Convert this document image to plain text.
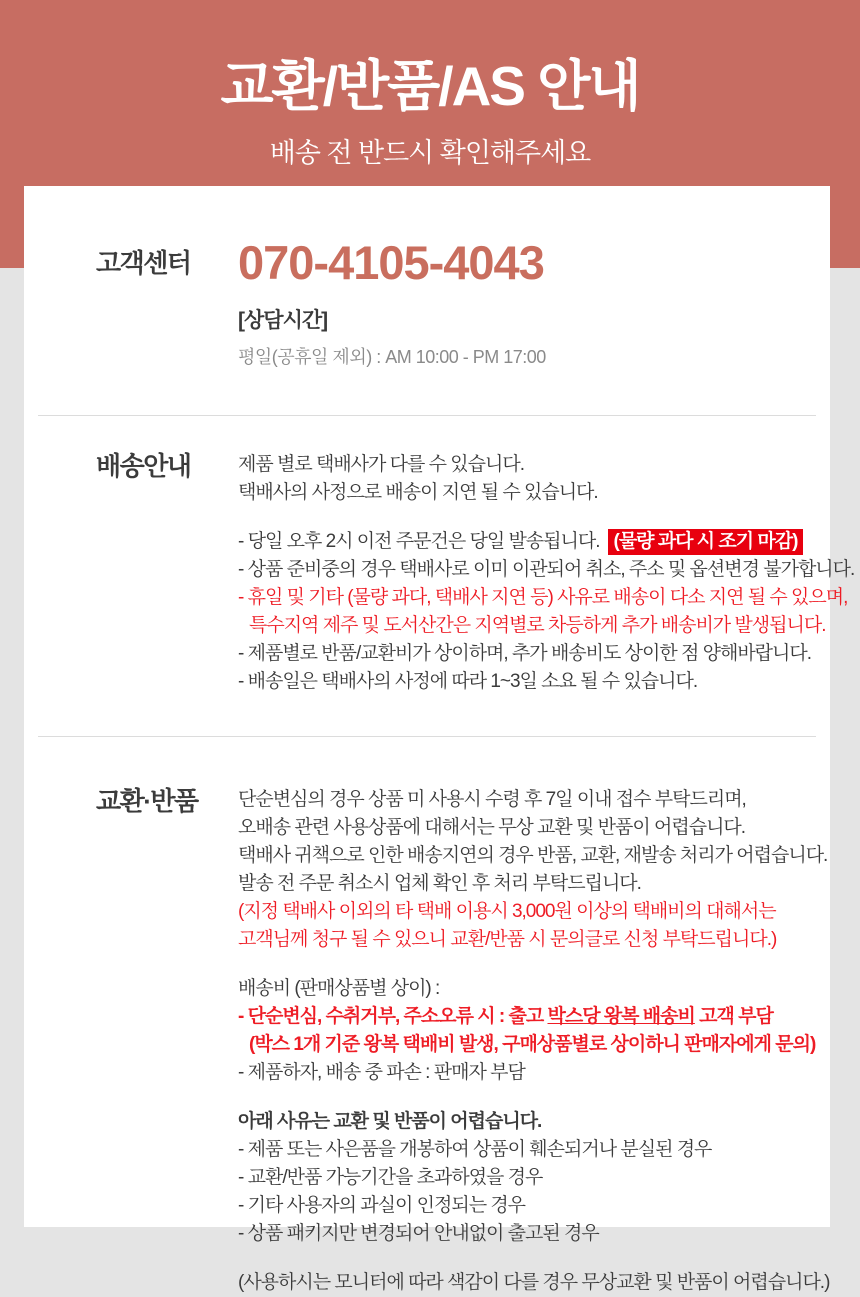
교환/반품/AS 안내
배송 전 반드시 확인해주세요
고객센터	070-4105-4043
[상담시간]
평일(공휴일 제외) : AM 10:00 - PM 17:00
배송안내	제품 별로 택배사가 다를 수 있습니다.
택배사의 사정으로 배송이 지연 될 수 있습니다.
- 당일 오후 2시 이전 주문건은 당일 발송됩니다. (물량 과다 시 조기 마감)
- 상품 준비중의 경우 택배사로 이미 이관되어 취소, 주소 및 옵션변경 불가합니다.
- 휴일 및 기타 (물량 과다, 택배사 지연 등) 사유로 배송이 다소 지연 될 수 있으며,
특수지역 제주 및 도서산간은 지역별로 차등하게 추가 배송비가 발생됩니다.
- 제품별로 반품/교환비가 상이하며, 추가 배송비도 상이한 점 양해바랍니다.
- 배송일은 택배사의 사정에 따라 1~3일 소요 될 수 있습니다.
교환·반품	단순변심의 경우 상품 미 사용시 수령 후 7일 이내 접수 부탁드리며,
오배송 관련 사용상품에 대해서는 무상 교환 및 반품이 어렵습니다.
택배사 귀책으로 인한 배송지연의 경우 반품, 교환, 재발송 처리가 어렵습니다.
발송 전 주문 취소시 업체 확인 후 처리 부탁드립니다.
(지정 택배사 이외의 타 택배 이용시 3,000원 이상의 택배비의 대해서는
고객님께 청구 될 수 있으니 교환/반품 시 문의글로 신청 부탁드립니다.)
배송비 (판매상품별 상이) :
- 단순변심, 수취거부, 주소오류 시 : 출고 박스당 왕복 배송비 고객 부담
(박스 1개 기준 왕복 택배비 발생, 구매상품별로 상이하니 판매자에게 문의)
- 제품하자, 배송 중 파손 : 판매자 부담
아래 사유는 교환 및 반품이 어렵습니다.
- 제품 또는 사은품을 개봉하여 상품이 훼손되거나 분실된 경우
- 교환/반품 가능기간을 초과하였을 경우
- 기타 사용자의 과실이 인정되는 경우
- 상품 패키지만 변경되어 안내없이 출고된 경우
(사용하시는 모니터에 따라 색감이 다를 경우 무상교환 및 반품이 어렵습니다.)
